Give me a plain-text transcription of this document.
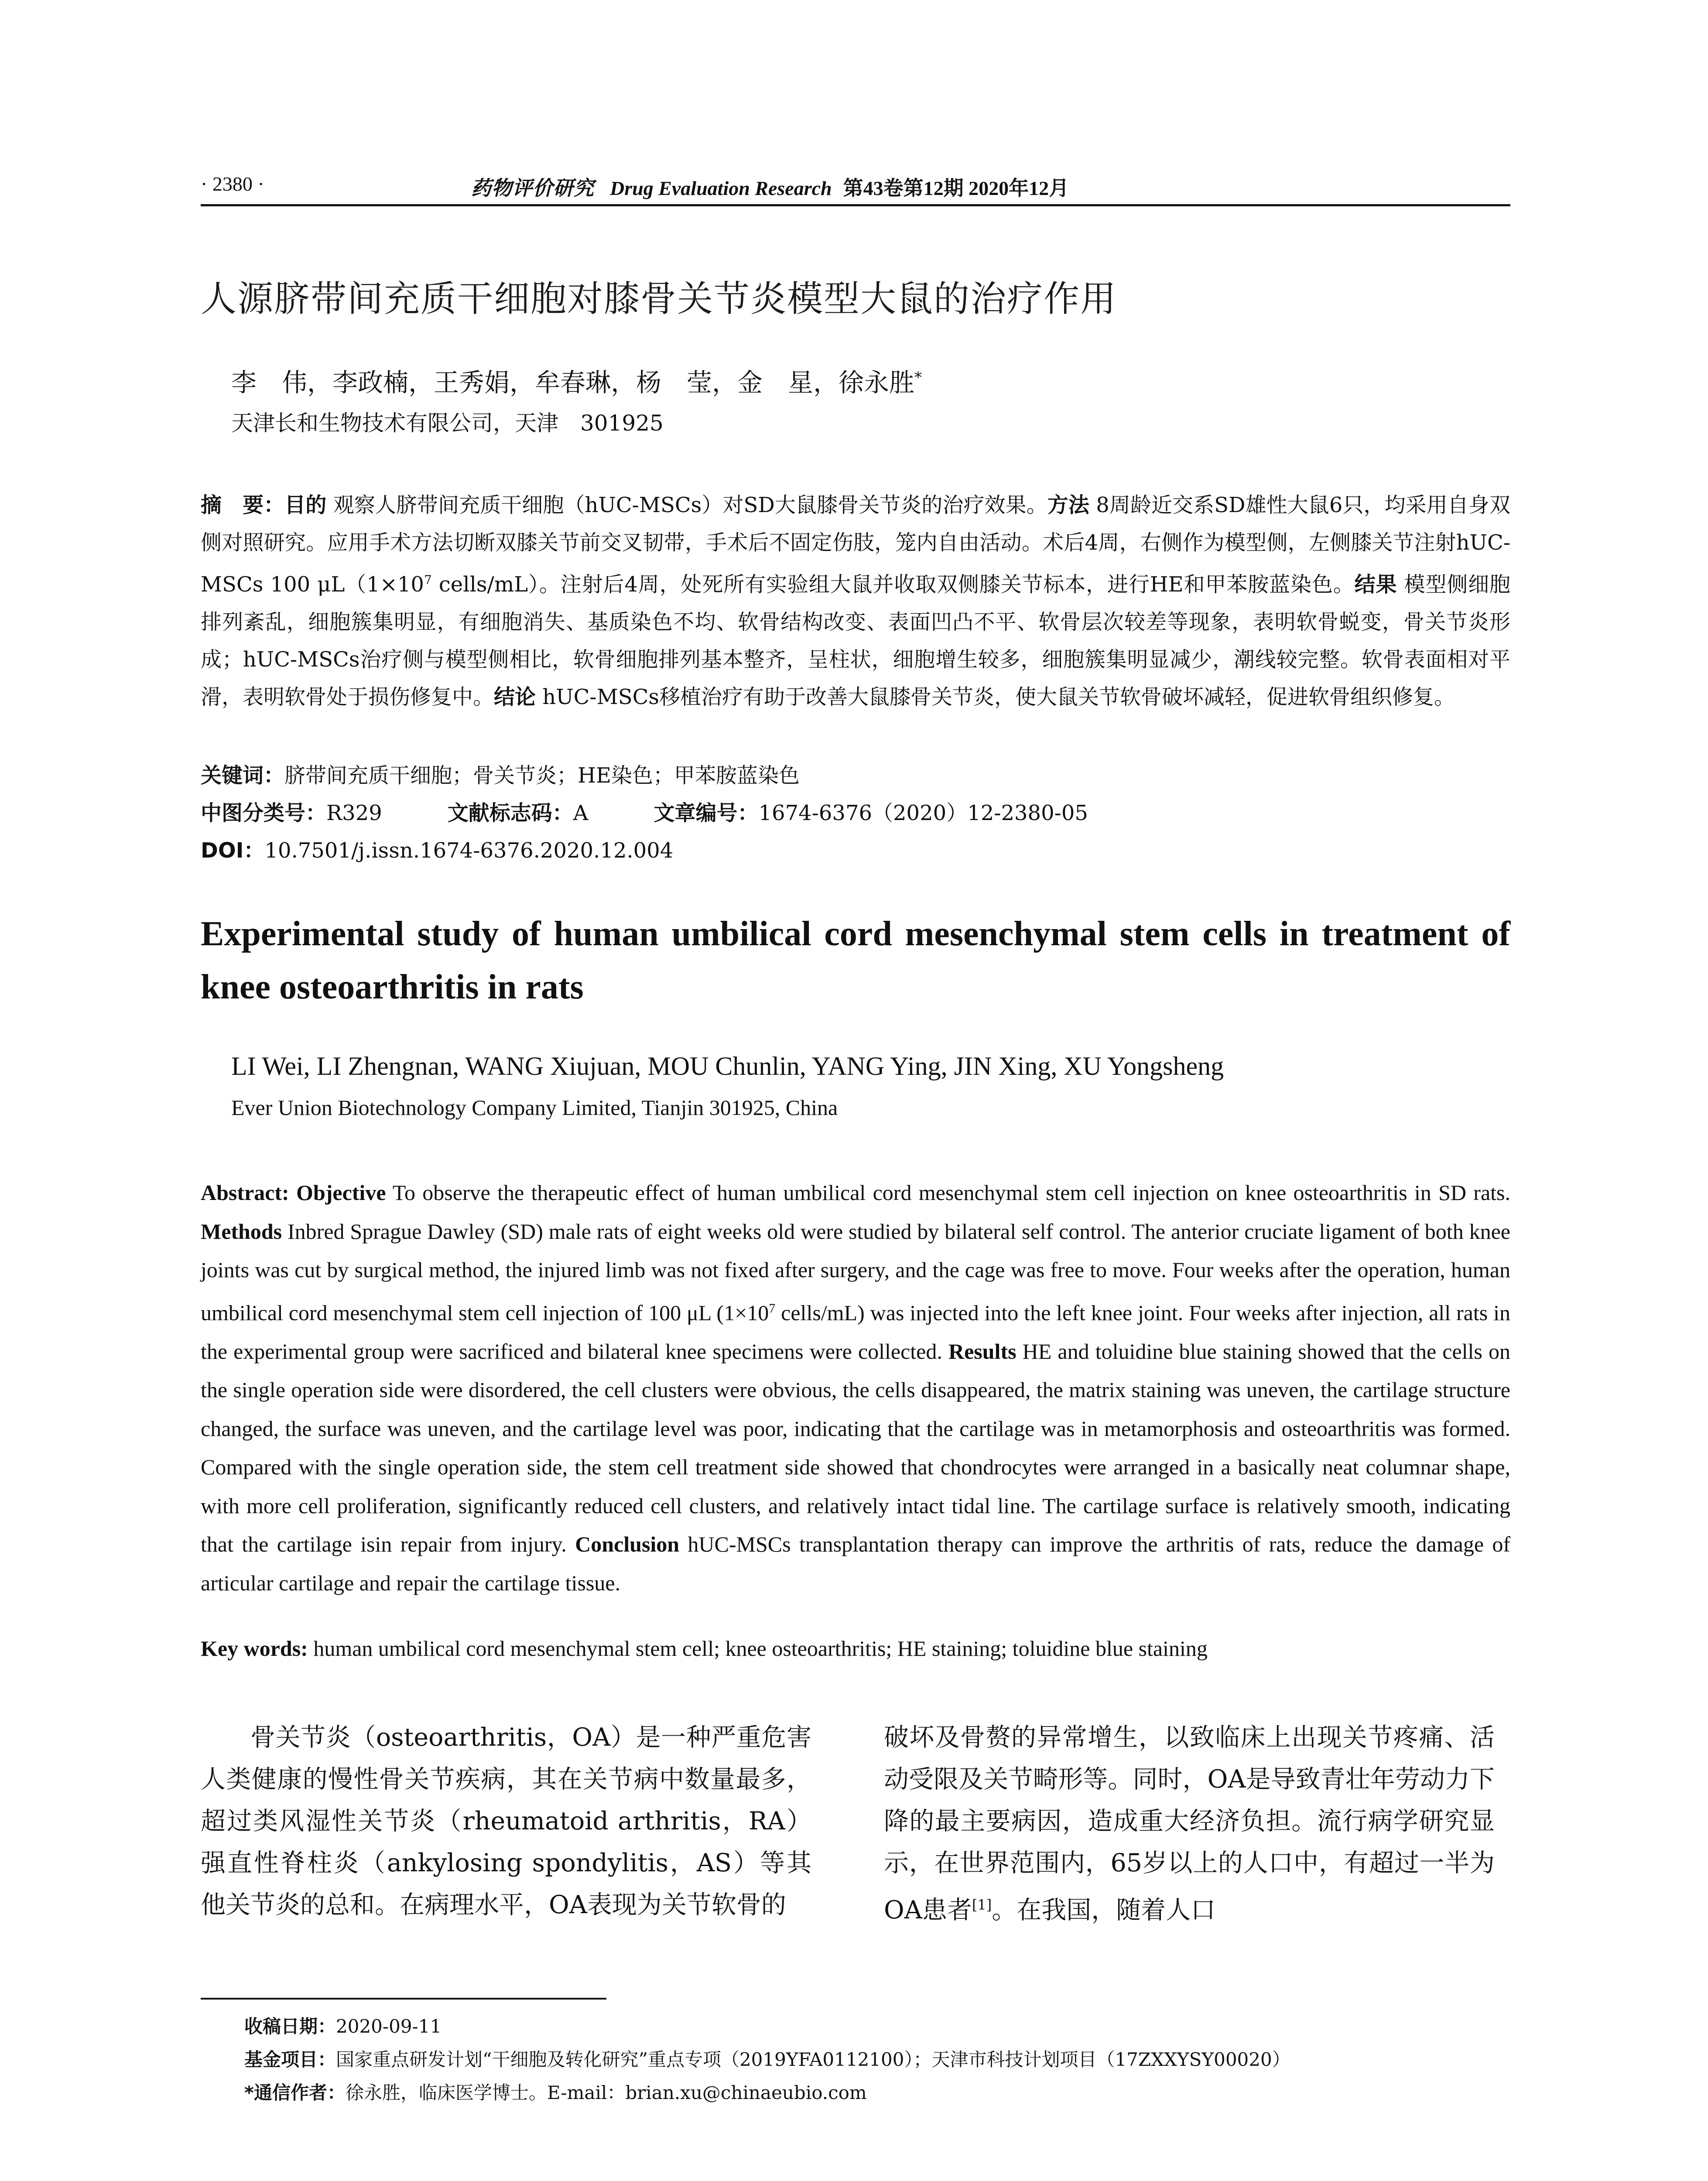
· 2380 ·	药物评价研究 Drug Evaluation Research 第43卷第12期 2020年12月
人源脐带间充质干细胞对膝骨关节炎模型大鼠的治疗作用
李　伟，李政楠，王秀娟，牟春琳，杨　莹，金　星，徐永胜*
天津长和生物技术有限公司，天津　301925
摘　要：目的 观察人脐带间充质干细胞（hUC-MSCs）对SD大鼠膝骨关节炎的治疗效果。方法 8周龄近交系SD雄性大鼠6只，均采用自身双侧对照研究。应用手术方法切断双膝关节前交叉韧带，手术后不固定伤肢，笼内自由活动。术后4周，右侧作为模型侧，左侧膝关节注射hUC-MSCs 100 $\mu L(1\times 10^7$ cells/mL）。注射后4周，处死所有实验组大鼠并收取双侧膝关节标本，进行HE和甲苯胺蓝染色。结果 模型侧细胞排列紊乱，细胞簇集明显，有细胞消失、基质染色不均、软骨结构改变、表面凹凸不平、软骨层次较差等现象，表明软骨蜕变，骨关节炎形成；hUC-MSCs治疗侧与模型侧相比，软骨细胞排列基本整齐，呈柱状，细胞增生较多，细胞簇集明显减少，潮线较完整。软骨表面相对平滑，表明软骨处于损伤修复中。结论 hUC-MSCs移植治疗有助于改善大鼠膝骨关节炎，使大鼠关节软骨破坏减轻，促进软骨组织修复。
关键词：脐带间充质干细胞；骨关节炎；HE染色；甲苯胺蓝染色
中图分类号：R329	文献标志码：A	文章编号：1674-6376（2020）12-2380-05
DOI：10.7501/j.issn.1674-6376.2020.12.004
Experimental study of human umbilical cord mesenchymal stem cells in treatment of knee osteoarthritis in rats
LI Wei, LI Zhengnan, WANG Xiujuan, MOU Chunlin, YANG Ying, JIN Xing, XU Yongsheng
Ever Union Biotechnology Company Limited, Tianjin 301925, China
Abstract: Objective To observe the therapeutic effect of human umbilical cord mesenchymal stem cell injection on knee osteoarthritis in SD rats. Methods Inbred Sprague Dawley (SD) male rats of eight weeks old were studied by bilateral self control. The anterior cruciate ligament of both knee joints was cut by surgical method, the injured limb was not fixed after surgery, and the cage was free to move. Four weeks after the operation, human umbilical cord mesenchymal stem cell injection of 100 μL ($1\times 10^7$ cells/mL) was injected into the left knee joint. Four weeks after injection, all rats in the experimental group were sacrificed and bilateral knee specimens were collected. Results HE and toluidine blue staining showed that the cells on the single operation side were disordered, the cell clusters were obvious, the cells disappeared, the matrix staining was uneven, the cartilage structure changed, the surface was uneven, and the cartilage level was poor, indicating that the cartilage was in metamorphosis and osteoarthritis was formed. Compared with the single operation side, the stem cell treatment side showed that chondrocytes were arranged in a basically neat columnar shape, with more cell proliferation, significantly reduced cell clusters, and relatively intact tidal line. The cartilage surface is relatively smooth, indicating that the cartilage isin repair from injury. Conclusion hUC-MSCs transplantation therapy can improve the arthritis of rats, reduce the damage of articular cartilage and repair the cartilage tissue.
Key words: human umbilical cord mesenchymal stem cell; knee osteoarthritis; HE staining; toluidine blue staining
骨关节炎（osteoarthritis，OA）是一种严重危害人类健康的慢性骨关节疾病，其在关节病中数量最多，超过类风湿性关节炎（rheumatoid arthritis，RA）强直性脊柱炎（ankylosing spondylitis，AS）等其他关节炎的总和。在病理水平，OA表现为关节软骨的
破坏及骨赘的异常增生，以致临床上出现关节疼痛、活动受限及关节畸形等。同时，OA是导致青壮年劳动力下降的最主要病因，造成重大经济负担。流行病学研究显示，在世界范围内，65岁以上的人口中，有超过一半为OA患者[1]。在我国，随着人口
收稿日期：2020-09-11
基金项目：国家重点研发计划“干细胞及转化研究”重点专项（2019YFA0112100）；天津市科技计划项目（17ZXXYSY00020）
*通信作者：徐永胜，临床医学博士。E-mail：brian.xu@chinaeubio.com
